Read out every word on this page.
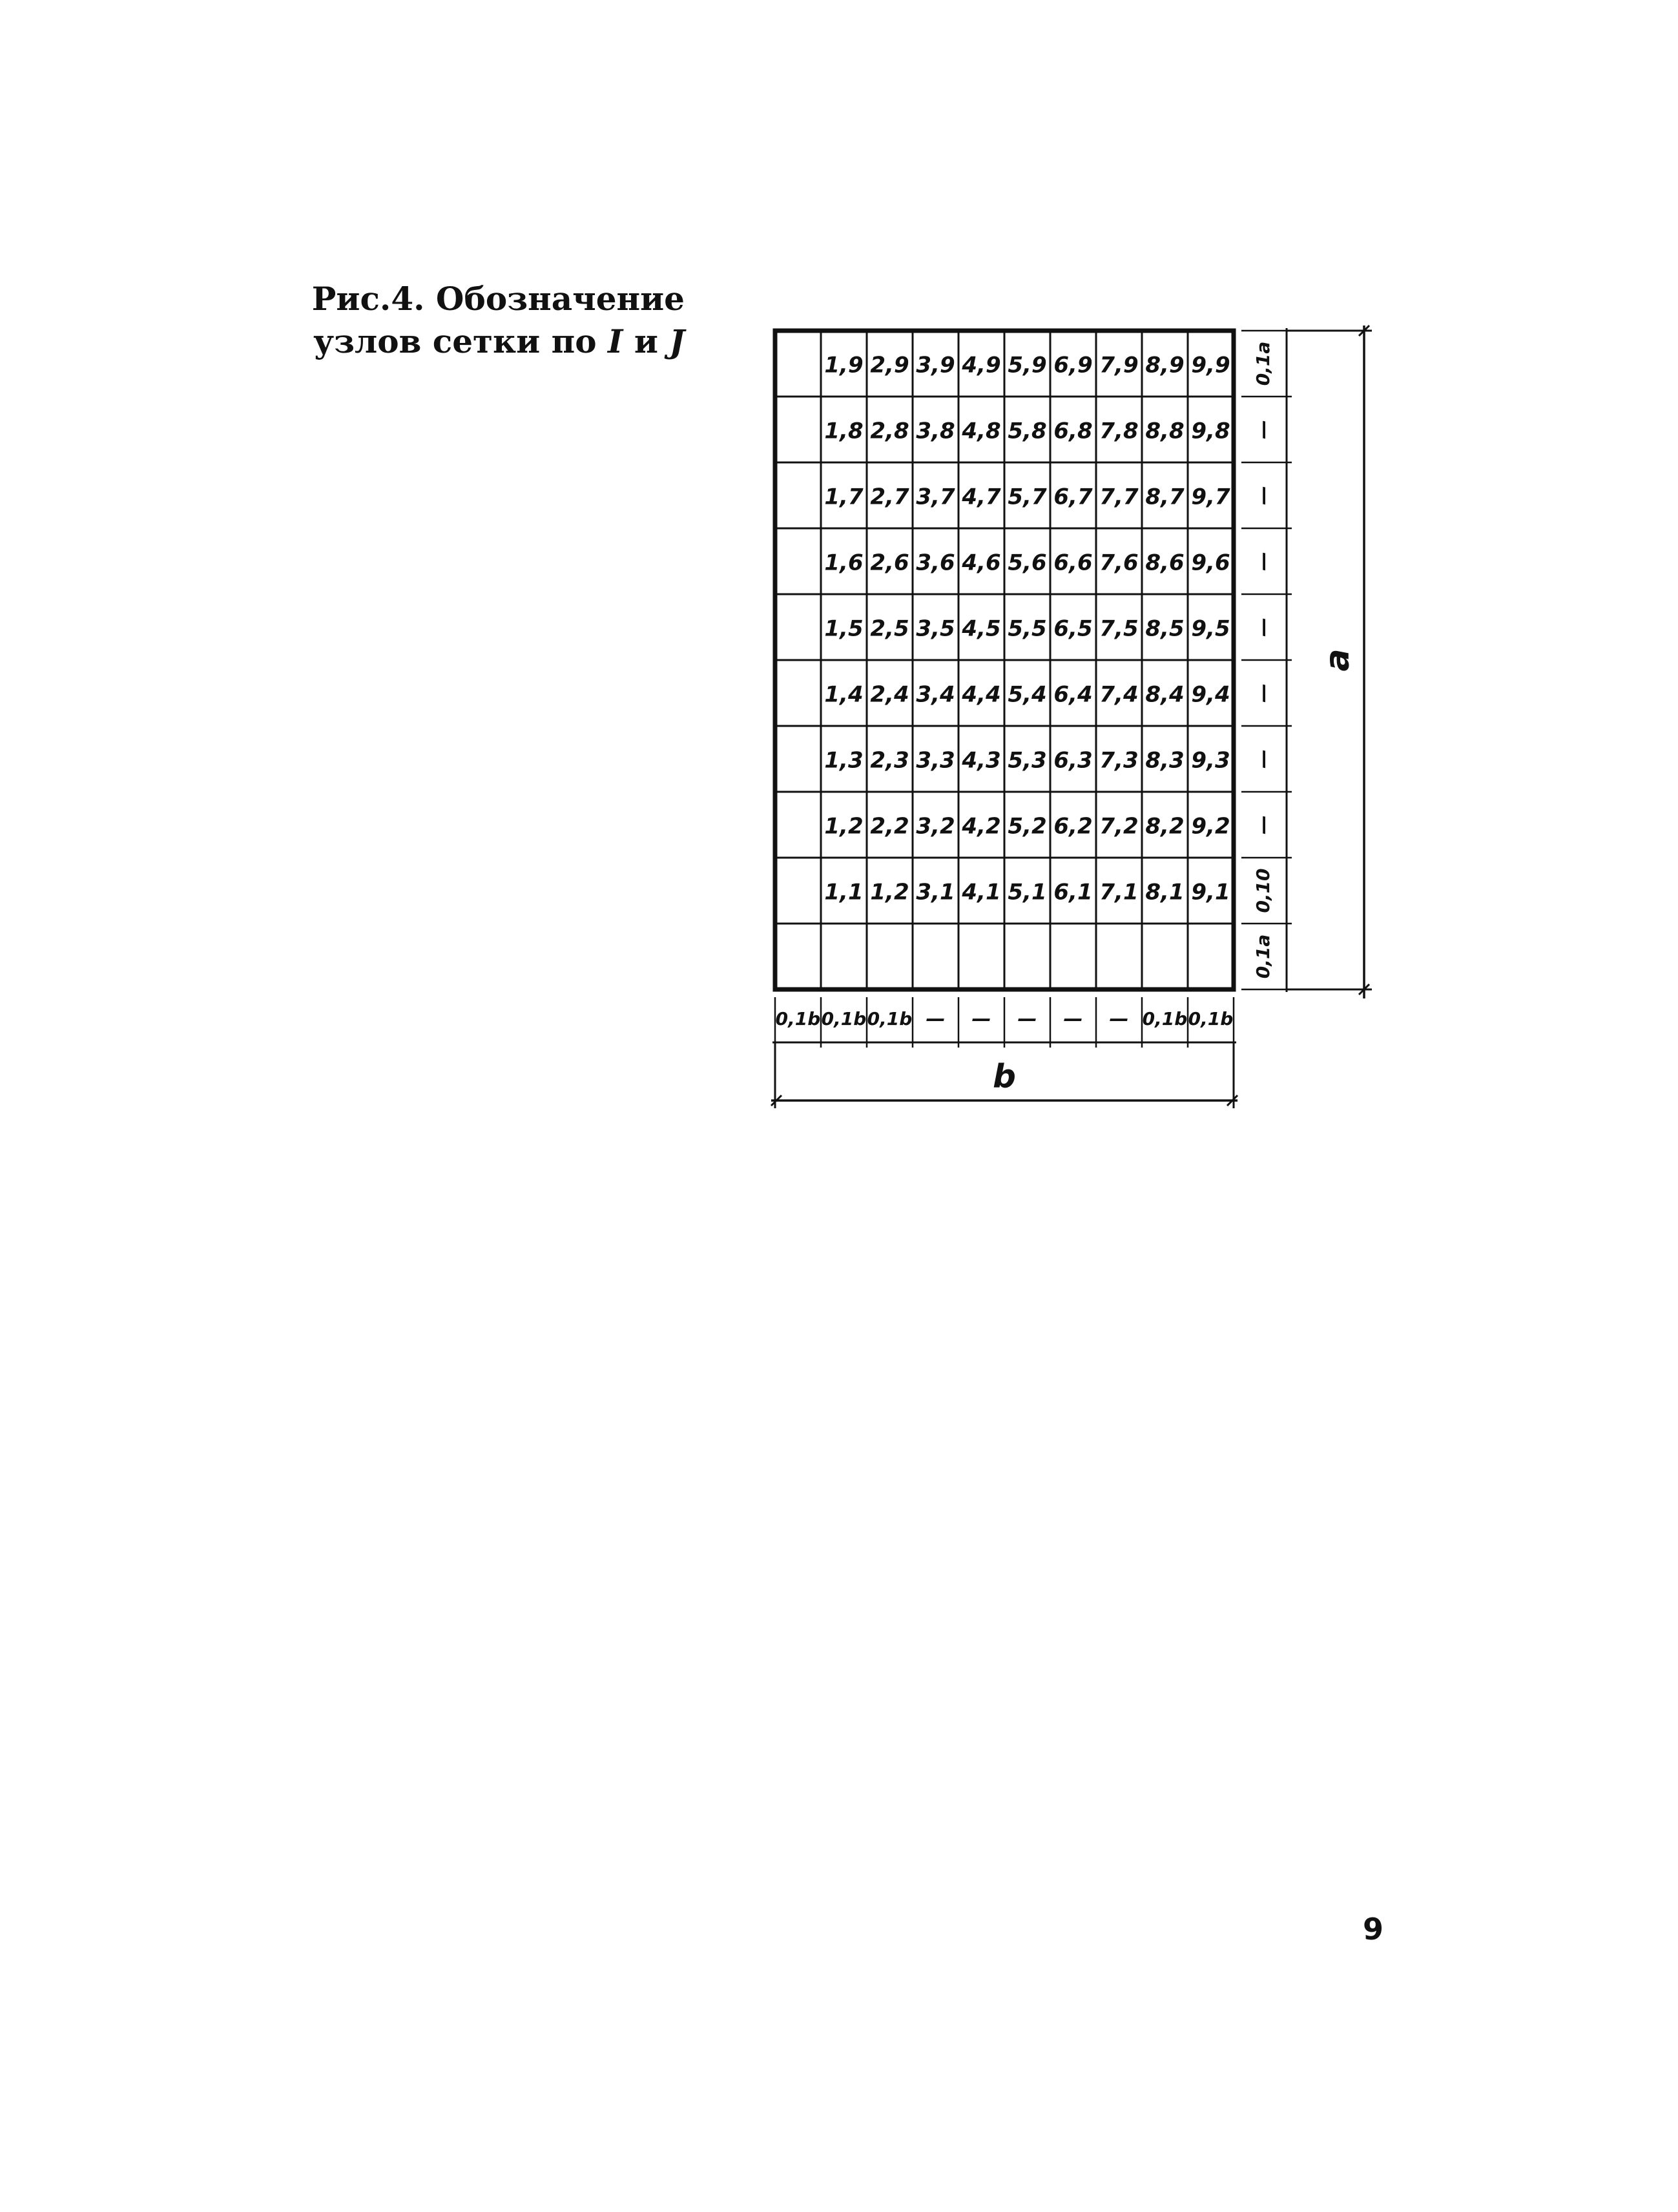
Рис.4. Обозначение
узлов сетки по I и J
1,9 2,9 3,9 4,9 5,9 6,9 7,9 8,9 9,9
1,8 2,8 3,8 4,8 5,8 6,8 7,8 8,8 9,8
1,7 2,7 3,7 4,7 5,7 6,7 7,7 8,7 9,7
1,6 2,6 3,6 4,6 5,6 6,6 7,6 8,6 9,6
1,5 2,5 3,5 4,5 5,5 6,5 7,5 8,5 9,5
1,4 2,4 3,4 4,4 5,4 6,4 7,4 8,4 9,4
1,3 2,3 3,3 4,3 5,3 6,3 7,3 8,3 9,3
1,2 2,2 3,2 4,2 5,2 6,2 7,2 8,2 9,2
1,1 1,2 3,1 4,1 5,1 6,1 7,1 8,1 9,1
0,1b 0,1b 0,1b — — — — — 0,1b 0,1b
b
0,1a
—
—
—
—
—
—
—
0,10
0,1a
a
9
